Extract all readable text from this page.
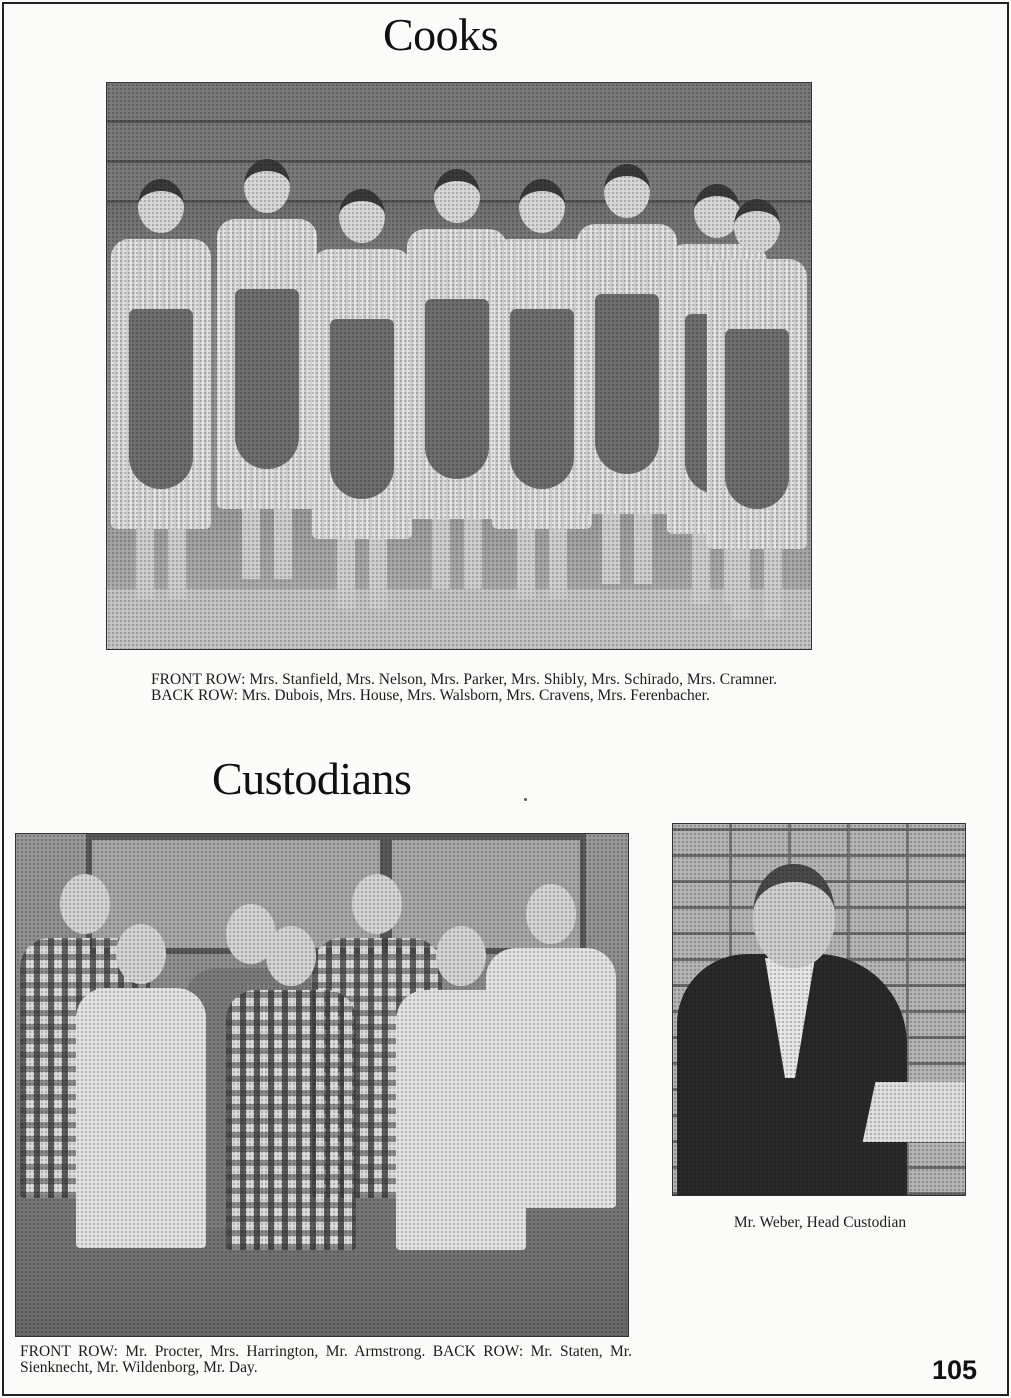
Cooks

FRONT ROW: Mrs. Stanfield, Mrs. Nelson, Mrs. Parker, Mrs. Shibly, Mrs. Schirado, Mrs. Cramner. BACK ROW: Mrs. Dubois, Mrs. House, Mrs. Walsborn, Mrs. Cravens, Mrs. Ferenbacher.

Custodians

Mr. Weber, Head Custodian

FRONT ROW: Mr. Procter, Mrs. Harrington, Mr. Armstrong. BACK ROW: Mr. Staten, Mr. Sienknecht, Mr. Wildenborg, Mr. Day.	105
